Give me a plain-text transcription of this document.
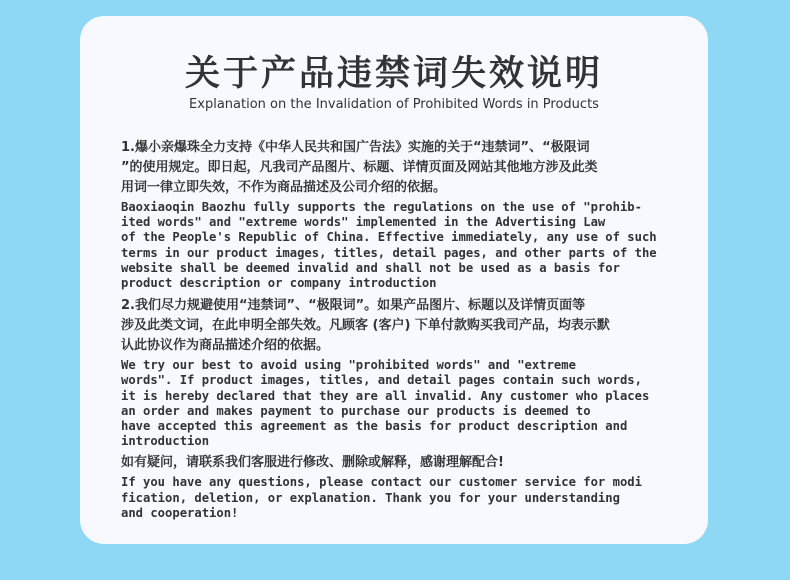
关于产品违禁词失效说明
Explanation on the Invalidation of Prohibited Words in Products
1.爆小亲爆珠全力支持《中华人民共和国广告法》实施的关于“违禁词”、“极限词
”的使用规定。即日起，凡我司产品图片、标题、详情页面及网站其他地方涉及此类
用词一律立即失效，不作为商品描述及公司介绍的依据。
Baoxiaoqin Baozhu fully supports the regulations on the use of "prohib-
ited words" and "extreme words" implemented in the Advertising Law
of the People's Republic of China. Effective immediately, any use of such
terms in our product images, titles, detail pages, and other parts of the
website shall be deemed invalid and shall not be used as a basis for
product description or company introduction
2.我们尽力规避使用“违禁词”、“极限词”。如果产品图片、标题以及详情页面等
涉及此类文词，在此申明全部失效。凡顾客 (客户) 下单付款购买我司产品，均表示默
认此协议作为商品描述介绍的依据。
We try our best to avoid using "prohibited words" and "extreme
words". If product images, titles, and detail pages contain such words,
it is hereby declared that they are all invalid. Any customer who places
an order and makes payment to purchase our products is deemed to
have accepted this agreement as the basis for product description and
introduction
如有疑问，请联系我们客服进行修改、删除或解释，感谢理解配合!
If you have any questions, please contact our customer service for modi
fication, deletion, or explanation. Thank you for your understanding
and cooperation!
